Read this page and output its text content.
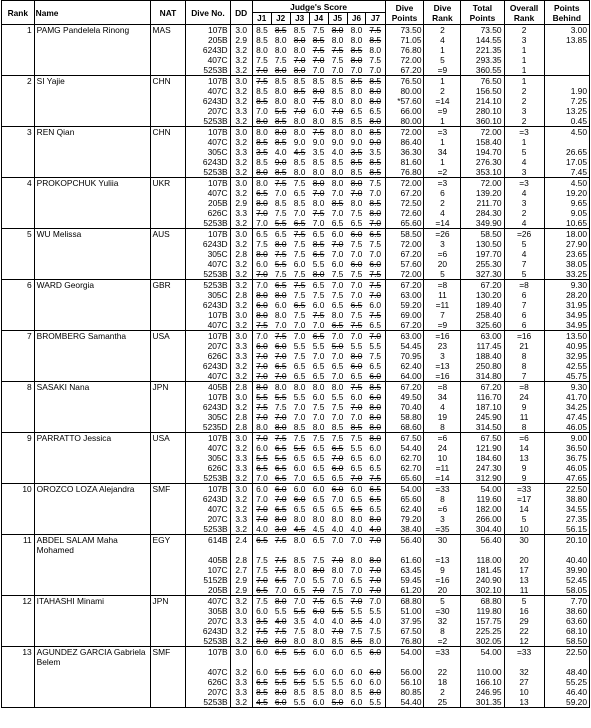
Rank	Name	NAT	Dive No.	DD	Judge's Score							Dive Points	Dive Rank	Total Points	Overall Rank	Points Behind
					J1	J2	J3	J4	J5	J6	J7					
1	PAMG Pandelela Rinong	MAS	107B	3.0	8.5	8.5	8.5	7.5	8.0	8.0	7.5	73.50	2	73.50	2	3.00
			205B	2.9	8.5	8.0	8.0	8.5	8.0	8.0	8.5	71.05	4	144.55	3	13.85
			6243D	3.2	8.0	8.0	8.0	7.5	7.5	8.5	8.0	76.80	1	221.35	1	
			407C	3.2	7.5	7.5	7.0	7.0	7.5	8.0	7.5	72.00	5	293.35	1	
			5253B	3.2	7.0	8.0	8.0	7.0	7.0	7.0	7.0	67.20	=9	360.55	1	
2	SI Yajie	CHN	107B	3.0	7.5	8.5	8.5	8.5	8.5	8.5	8.5	76.50	1	76.50	1	
			407C	3.2	8.5	8.0	8.5	8.0	8.5	8.0	8.0	80.00	2	156.50	2	1.90
			6243D	3.2	8.5	8.0	8.0	7.5	8.0	8.0	8.0	*57.60	=14	214.10	2	7.25
			207C	3.3	7.0	5.5	7.0	6.0	7.0	6.5	6.5	66.00	=9	280.10	3	13.25
			5253B	3.2	8.0	8.5	8.0	8.0	8.5	8.5	8.0	80.00	1	360.10	2	0.45
3	REN Qian	CHN	107B	3.0	8.0	8.0	8.0	7.5	8.0	8.0	8.5	72.00	=3	72.00	=3	4.50
			407C	3.2	8.5	8.5	9.0	9.0	9.0	9.0	9.0	86.40	1	158.40	1	
			305C	3.3	3.5	4.0	4.5	3.5	4.0	3.5	3.5	36.30	34	194.70	5	26.65
			6243D	3.2	8.5	9.0	8.5	8.5	8.5	8.5	8.5	81.60	1	276.30	4	17.05
			5253B	3.2	8.0	8.5	8.0	8.0	8.0	8.5	8.5	76.80	=2	353.10	3	7.45
4	PROKOPCHUK Yuliia	UKR	107B	3.0	8.0	7.5	7.5	8.0	8.0	8.0	7.5	72.00	=3	72.00	=3	4.50
			407C	3.2	6.5	7.0	6.5	7.0	7.0	7.0	7.0	67.20	6	139.20	4	19.20
			205B	2.9	8.0	8.5	8.5	8.0	8.5	8.0	8.5	72.50	2	211.70	3	9.65
			626C	3.3	7.0	7.5	7.0	7.5	7.0	7.5	8.0	72.60	4	284.30	2	9.05
			5253B	3.2	7.0	5.5	6.5	7.0	6.5	6.5	7.0	65.60	=14	349.90	4	10.65
5	WU Melissa	AUS	107B	3.0	6.5	6.5	7.5	6.5	6.0	6.0	6.5	58.50	=26	58.50	=26	18.00
			6243D	3.2	7.5	8.0	7.5	8.5	7.0	7.5	7.5	72.00	3	130.50	5	27.90
			305C	2.8	8.0	7.5	7.5	6.5	7.0	7.0	7.0	67.20	=6	197.70	4	23.65
			407C	3.2	6.0	5.5	6.0	5.5	6.0	6.0	6.0	57.60	20	255.30	7	38.05
			5253B	3.2	7.0	7.5	7.5	8.0	7.5	7.5	7.5	72.00	5	327.30	5	33.25
6	WARD Georgia	GBR	5253B	3.2	7.0	6.5	7.5	6.5	7.0	7.0	7.5	67.20	=8	67.20	=8	9.30
			305C	2.8	8.0	8.0	7.5	7.5	7.5	7.0	7.0	63.00	11	130.20	6	28.20
			6243D	3.2	6.0	6.0	6.5	6.0	6.5	6.5	6.0	59.20	=11	189.40	7	31.95
			107B	3.0	8.0	8.0	7.5	7.5	8.0	7.5	7.5	69.00	7	258.40	6	34.95
			407C	3.2	7.5	7.0	7.0	7.0	6.5	7.5	6.5	67.20	=9	325.60	6	34.95
7	BROMBERG Samantha	USA	107B	3.0	7.0	7.5	7.0	6.5	7.0	7.0	7.0	63.00	=16	63.00	=16	13.50
			207C	3.3	6.0	6.0	5.5	5.5	5.0	5.5	5.5	54.45	23	117.45	21	40.95
			626C	3.3	7.0	7.0	7.5	7.0	7.0	8.0	7.5	70.95	3	188.40	8	32.95
			6243D	3.2	7.0	6.5	6.5	6.5	6.5	6.0	6.5	62.40	=13	250.80	8	42.55
			407C	3.2	7.0	7.0	6.5	6.5	7.0	6.5	6.0	64.00	=16	314.80	7	45.75
8	SASAKI Nana	JPN	405B	2.8	8.0	8.0	8.0	8.0	8.0	7.5	8.5	67.20	=8	67.20	=8	9.30
			107B	3.0	5.5	5.5	5.5	6.0	5.5	6.0	6.0	49.50	34	116.70	24	41.70
			6243D	3.2	7.5	7.5	7.0	7.5	7.5	7.0	8.0	70.40	4	187.10	9	34.25
			305C	2.8	7.0	7.0	7.0	7.0	7.0	7.0	8.0	58.80	19	245.90	11	47.45
			5235D	2.8	8.0	8.0	8.5	8.0	8.5	8.5	8.0	68.60	8	314.50	8	46.05
9	PARRATTO Jessica	USA	107B	3.0	7.0	7.5	7.5	7.5	7.5	7.5	8.0	67.50	=6	67.50	=6	9.00
			407C	3.2	6.0	6.5	5.5	6.5	6.5	5.5	6.0	54.40	24	121.90	14	36.50
			305C	3.3	5.5	5.5	6.5	6.5	7.0	6.5	6.0	62.70	10	184.60	13	36.75
			626C	3.3	6.5	6.5	6.0	6.5	6.0	6.5	6.5	62.70	=11	247.30	9	46.05
			5253B	3.2	7.0	6.5	7.0	6.5	6.5	7.0	7.5	65.60	=14	312.90	9	47.65
10	OROZCO LOZA Alejandra	SMF	107B	3.0	6.0	6.0	6.0	6.0	6.0	6.0	6.5	54.00	=33	54.00	=33	22.50
			6243D	3.2	7.0	7.0	6.0	6.5	7.0	6.5	6.5	65.60	8	119.60	=17	38.80
			407C	3.2	7.0	6.5	6.5	6.5	6.5	6.5	6.5	62.40	=6	182.00	14	34.55
			207C	3.3	7.0	8.0	8.0	8.0	8.0	8.0	8.0	79.20	3	266.00	5	27.35
			5253B	3.2	4.0	3.0	4.5	4.5	4.0	4.0	4.0	38.40	=35	304.40	10	56.15
11	ABDEL SALAM Maha Mohamed	EGY	614B	2.4	6.5	7.5	8.0	6.5	7.0	7.0	7.0	56.40	30	56.40	30	20.10
			405B	2.8	7.5	7.5	8.5	7.5	7.0	8.0	8.0	61.60	=13	118.00	20	40.40
			107C	2.7	7.5	7.5	8.0	8.0	8.0	7.0	7.0	63.45	9	181.45	17	39.90
			5152B	2.9	7.0	6.5	7.0	5.5	7.0	6.5	7.0	59.45	=16	240.90	13	52.45
			205B	2.9	6.5	7.0	6.5	7.0	7.5	7.0	7.0	61.20	20	302.10	11	58.05
12	ITAHASHI Minami	JPN	407C	3.2	7.5	8.0	7.0	7.5	6.5	7.0	7.0	68.80	5	68.80	5	7.70
			305B	3.0	6.0	5.5	5.5	6.0	5.5	5.5	5.5	51.00	=30	119.80	16	38.60
			207C	3.3	3.5	4.0	3.5	4.0	4.0	3.5	4.0	37.95	32	157.75	29	63.60
			6243D	3.2	7.5	7.5	7.5	8.0	7.0	7.5	7.5	67.50	8	225.25	22	68.10
			5253B	3.2	8.0	8.0	8.0	8.0	8.5	8.5	8.0	76.80	=2	302.05	12	58.50
13	AGUNDEZ GARCIA Gabriela Belem	SMF	107B	3.0	6.0	6.5	5.5	6.0	6.0	6.5	6.0	54.00	=33	54.00	=33	22.50
			407C	3.2	6.0	5.5	5.5	6.0	6.0	6.0	6.0	56.00	22	110.00	32	48.40
			626C	3.3	6.5	5.5	5.5	5.5	5.5	6.0	6.0	56.10	18	166.10	27	55.25
			207C	3.3	8.5	8.0	8.5	8.5	8.0	8.5	8.0	80.85	2	246.95	10	46.40
			5253B	3.2	4.5	6.0	5.5	6.0	5.0	6.0	5.5	54.40	25	301.35	13	59.20
